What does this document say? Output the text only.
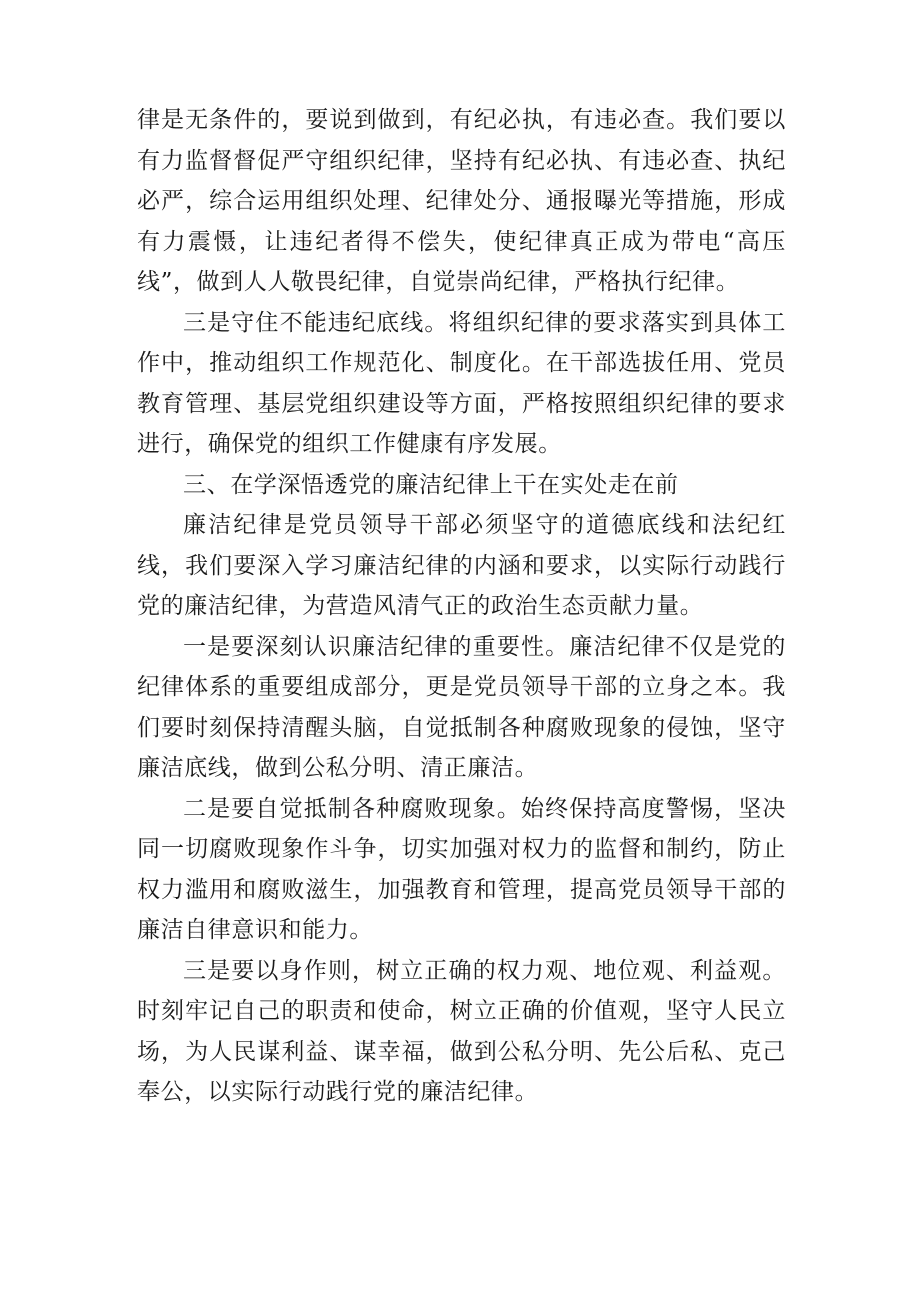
律是无条件的，要说到做到，有纪必执，有违必查。我们要以有力监督督促严守组织纪律，坚持有纪必执、有违必查、执纪必严，综合运用组织处理、纪律处分、通报曝光等措施，形成有力震慑，让违纪者得不偿失，使纪律真正成为带电“高压线”，做到人人敬畏纪律，自觉崇尚纪律，严格执行纪律。

三是守住不能违纪底线。将组织纪律的要求落实到具体工作中，推动组织工作规范化、制度化。在干部选拔任用、党员教育管理、基层党组织建设等方面，严格按照组织纪律的要求进行，确保党的组织工作健康有序发展。

三、在学深悟透党的廉洁纪律上干在实处走在前

廉洁纪律是党员领导干部必须坚守的道德底线和法纪红线，我们要深入学习廉洁纪律的内涵和要求，以实际行动践行党的廉洁纪律，为营造风清气正的政治生态贡献力量。

一是要深刻认识廉洁纪律的重要性。廉洁纪律不仅是党的纪律体系的重要组成部分，更是党员领导干部的立身之本。我们要时刻保持清醒头脑，自觉抵制各种腐败现象的侵蚀，坚守廉洁底线，做到公私分明、清正廉洁。

二是要自觉抵制各种腐败现象。始终保持高度警惕，坚决同一切腐败现象作斗争，切实加强对权力的监督和制约，防止权力滥用和腐败滋生，加强教育和管理，提高党员领导干部的廉洁自律意识和能力。

三是要以身作则，树立正确的权力观、地位观、利益观。时刻牢记自己的职责和使命，树立正确的价值观，坚守人民立场，为人民谋利益、谋幸福，做到公私分明、先公后私、克己奉公，以实际行动践行党的廉洁纪律。
